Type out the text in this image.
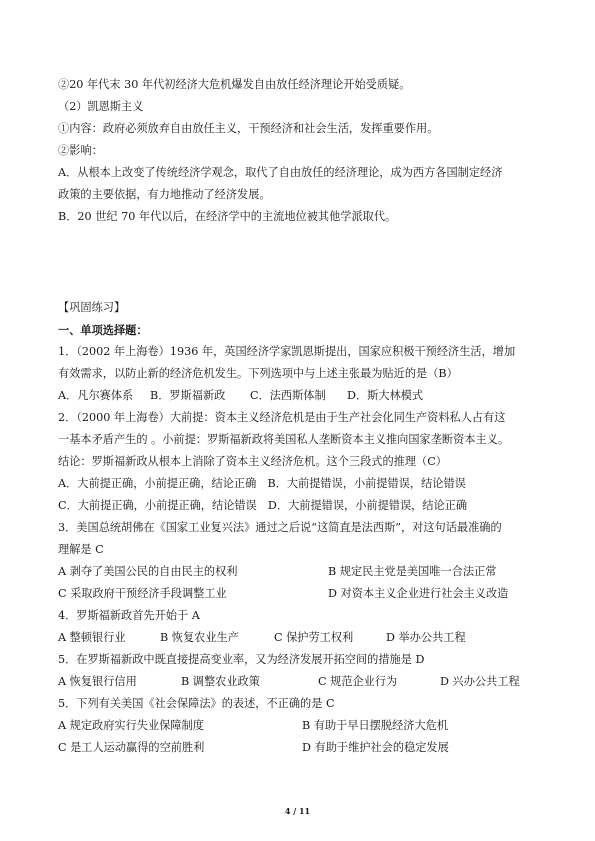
②20 年代末 30 年代初经济大危机爆发自由放任经济理论开始受质疑。
（2）凯恩斯主义
①内容：政府必须放弃自由放任主义，干预经济和社会生活，发挥重要作用。
②影响：
A．从根本上改变了传统经济学观念，取代了自由放任的经济理论，成为西方各国制定经济
政策的主要依据，有力地推动了经济发展。
B．20 世纪 70 年代以后，在经济学中的主流地位被其他学派取代。
【巩固练习】
一、单项选择题：
1．（2002 年上海卷）1936 年，英国经济学家凯恩斯提出，国家应积极干预经济生活，增加
有效需求，以防止新的经济危机发生。下列选项中与上述主张最为贴近的是（B）
A．凡尔赛体系 B．罗斯福新政 C．法西斯体制 D．斯大林模式
2．（2000 年上海卷）大前提：资本主义经济危机是由于生产社会化同生产资料私人占有这
一基本矛盾产生的 。小前提：罗斯福新政将美国私人垄断资本主义推向国家垄断资本主义。
结论：罗斯福新政从根本上消除了资本主义经济危机。这个三段式的推理（C）
A．大前提正确，小前提正确，结论正确　B．大前提错误，小前提错误，结论错误
C．大前提正确，小前提正确，结论错误　D．大前提错误，小前提错误，结论正确
3．美国总统胡佛在《国家工业复兴法》通过之后说“这简直是法西斯”，对这句话最准确的
理解是 C
A 剥夺了美国公民的自由民主的权利	B 规定民主党是美国唯一合法正常
C 采取政府干预经济手段调整工业	D 对资本主义企业进行社会主义改造
4．罗斯福新政首先开始于 A
A 整顿银行业	B 恢复农业生产	C 保护劳工权利	D 举办公共工程
5．在罗斯福新政中既直接提高变业率，又为经济发展开拓空间的措施是 D
A 恢复银行信用	B 调整农业政策	C 规范企业行为	D 兴办公共工程
5．下列有关美国《社会保障法》的表述，不正确的是 C
A 规定政府实行失业保障制度	B 有助于早日摆脱经济大危机
C 是工人运动赢得的空前胜利	D 有助于维护社会的稳定发展
4 / 11
